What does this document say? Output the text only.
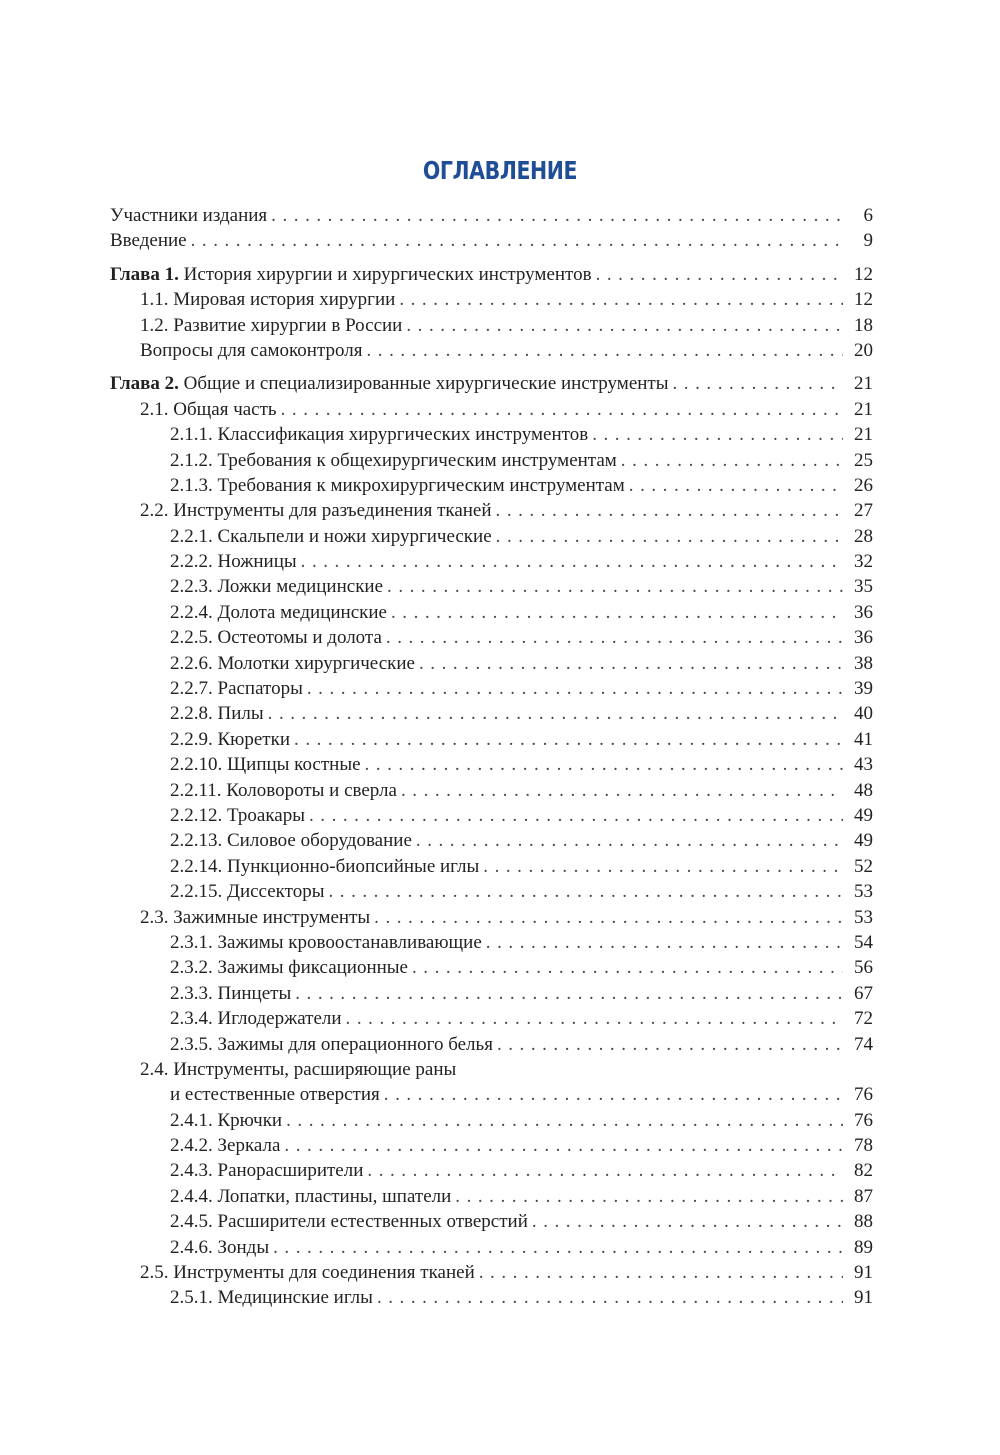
ОГЛАВЛЕНИЕ
Участники издания . . .	6
Введение . . .	9
Глава 1. История хирургии и хирургических инструментов . . .	12
1.1. Мировая история хирургии . . .	12
1.2. Развитие хирургии в России . . .	18
Вопросы для самоконтроля . . .	20
Глава 2. Общие и специализированные хирургические инструменты . . .	21
2.1. Общая часть . . .	21
2.1.1. Классификация хирургических инструментов . . .	21
2.1.2. Требования к общехирургическим инструментам . . .	25
2.1.3. Требования к микрохирургическим инструментам . . .	26
2.2. Инструменты для разъединения тканей . . .	27
2.2.1. Скальпели и ножи хирургические . . .	28
2.2.2. Ножницы . . .	32
2.2.3. Ложки медицинские . . .	35
2.2.4. Долота медицинские . . .	36
2.2.5. Остеотомы и долота . . .	36
2.2.6. Молотки хирургические . . .	38
2.2.7. Распаторы . . .	39
2.2.8. Пилы . . .	40
2.2.9. Кюретки . . .	41
2.2.10. Щипцы костные . . .	43
2.2.11. Коловороты и сверла . . .	48
2.2.12. Троакары . . .	49
2.2.13. Силовое оборудование . . .	49
2.2.14. Пункционно-биопсийные иглы . . .	52
2.2.15. Диссекторы . . .	53
2.3. Зажимные инструменты . . .	53
2.3.1. Зажимы кровоостанавливающие . . .	54
2.3.2. Зажимы фиксационные . . .	56
2.3.3. Пинцеты . . .	67
2.3.4. Иглодержатели . . .	72
2.3.5. Зажимы для операционного белья . . .	74
2.4. Инструменты, расширяющие раны
и естественные отверстия . . .	76
2.4.1. Крючки . . .	76
2.4.2. Зеркала . . .	78
2.4.3. Ранорасширители . . .	82
2.4.4. Лопатки, пластины, шпатели . . .	87
2.4.5. Расширители естественных отверстий . . .	88
2.4.6. Зонды . . .	89
2.5. Инструменты для соединения тканей . . .	91
2.5.1. Медицинские иглы . . .	91
